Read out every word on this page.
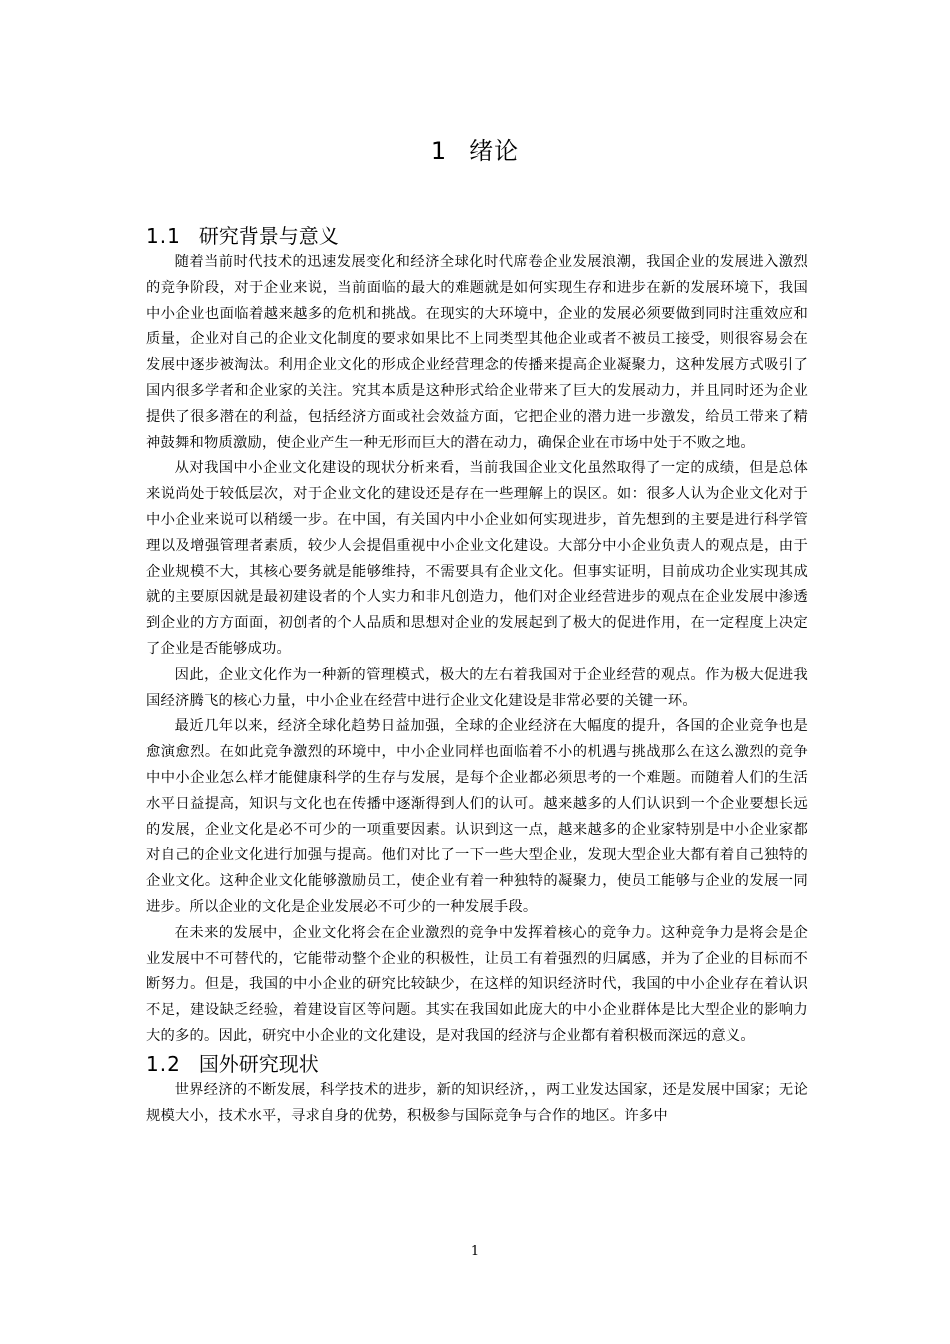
1 绪论
1.1 研究背景与意义

随着当前时代技术的迅速发展变化和经济全球化时代席卷企业发展浪潮，我国企业的发展进入激烈的竞争阶段，对于企业来说，当前面临的最大的难题就是如何实现生存和进步在新的发展环境下，我国中小企业也面临着越来越多的危机和挑战。在现实的大环境中，企业的发展必须要做到同时注重效应和质量，企业对自己的企业文化制度的要求如果比不上同类型其他企业或者不被员工接受，则很容易会在发展中逐步被淘汰。利用企业文化的形成企业经营理念的传播来提高企业凝聚力，这种发展方式吸引了国内很多学者和企业家的关注。究其本质是这种形式给企业带来了巨大的发展动力，并且同时还为企业提供了很多潜在的利益，包括经济方面或社会效益方面，它把企业的潜力进一步激发，给员工带来了精神鼓舞和物质激励，使企业产生一种无形而巨大的潜在动力，确保企业在市场中处于不败之地。

从对我国中小企业文化建设的现状分析来看，当前我国企业文化虽然取得了一定的成绩，但是总体来说尚处于较低层次，对于企业文化的建设还是存在一些理解上的误区。如：很多人认为企业文化对于中小企业来说可以稍缓一步。在中国，有关国内中小企业如何实现进步，首先想到的主要是进行科学管理以及增强管理者素质，较少人会提倡重视中小企业文化建设。大部分中小企业负责人的观点是，由于企业规模不大，其核心要务就是能够维持，不需要具有企业文化。但事实证明，目前成功企业实现其成就的主要原因就是最初建设者的个人实力和非凡创造力，他们对企业经营进步的观点在企业发展中渗透到企业的方方面面，初创者的个人品质和思想对企业的发展起到了极大的促进作用，在一定程度上决定了企业是否能够成功。

因此，企业文化作为一种新的管理模式，极大的左右着我国对于企业经营的观点。作为极大促进我国经济腾飞的核心力量，中小企业在经营中进行企业文化建设是非常必要的关键一环。

最近几年以来，经济全球化趋势日益加强，全球的企业经济在大幅度的提升，各国的企业竞争也是愈演愈烈。在如此竞争激烈的环境中，中小企业同样也面临着不小的机遇与挑战那么在这么激烈的竞争中中小企业怎么样才能健康科学的生存与发展，是每个企业都必须思考的一个难题。而随着人们的生活水平日益提高，知识与文化也在传播中逐渐得到人们的认可。越来越多的人们认识到一个企业要想长远的发展，企业文化是必不可少的一项重要因素。认识到这一点，越来越多的企业家特别是中小企业家都对自己的企业文化进行加强与提高。他们对比了一下一些大型企业，发现大型企业大都有着自己独特的企业文化。这种企业文化能够激励员工，使企业有着一种独特的凝聚力，使员工能够与企业的发展一同进步。所以企业的文化是企业发展必不可少的一种发展手段。

在未来的发展中，企业文化将会在企业激烈的竞争中发挥着核心的竞争力。这种竞争力是将会是企业发展中不可替代的，它能带动整个企业的积极性，让员工有着强烈的归属感，并为了企业的目标而不断努力。但是，我国的中小企业的研究比较缺少，在这样的知识经济时代，我国的中小企业存在着认识不足，建设缺乏经验，着建设盲区等问题。其实在我国如此庞大的中小企业群体是比大型企业的影响力大的多的。因此，研究中小企业的文化建设，是对我国的经济与企业都有着积极而深远的意义。

1.2 国外研究现状

世界经济的不断发展，科学技术的进步，新的知识经济，，两工业发达国家，还是发展中国家；无论规模大小，技术水平，寻求自身的优势，积极参与国际竞争与合作的地区。许多中

1
